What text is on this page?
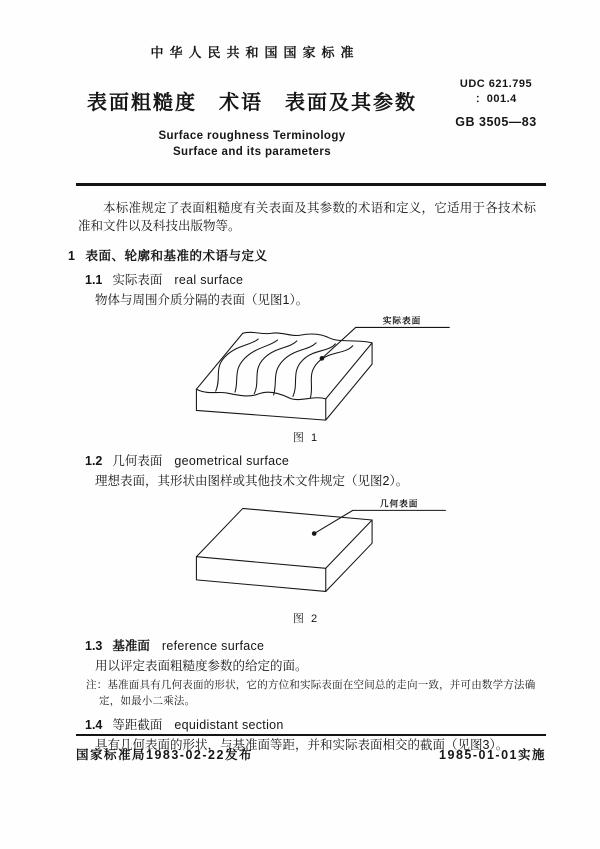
中华人民共和国国家标准
表面粗糙度　术语　表面及其参数
Surface roughness Terminology
Surface and its parameters
UDC 621.795
：001.4
GB 3505—83
本标准规定了表面粗糙度有关表面及其参数的术语和定义，它适用于各技术标准和文件以及科技出版物等。
1 表面、轮廓和基准的术语与定义
1.1 实际表面 real surface
物体与周围介质分隔的表面（见图1）。
实际表面
图 1
1.2 几何表面 geometrical surface
理想表面，其形状由图样或其他技术文件规定（见图2）。
几何表面
图 2
1.3 基准面 reference surface
用以评定表面粗糙度参数的给定的面。
注：基准面具有几何表面的形状，它的方位和实际表面在空间总的走向一致，并可由数学方法确定，如最小二乘法。
1.4 等距截面 equidistant section
具有几何表面的形状，与基准面等距，并和实际表面相交的截面（见图3）。
国家标准局1983-02-22发布	1985-01-01实施
